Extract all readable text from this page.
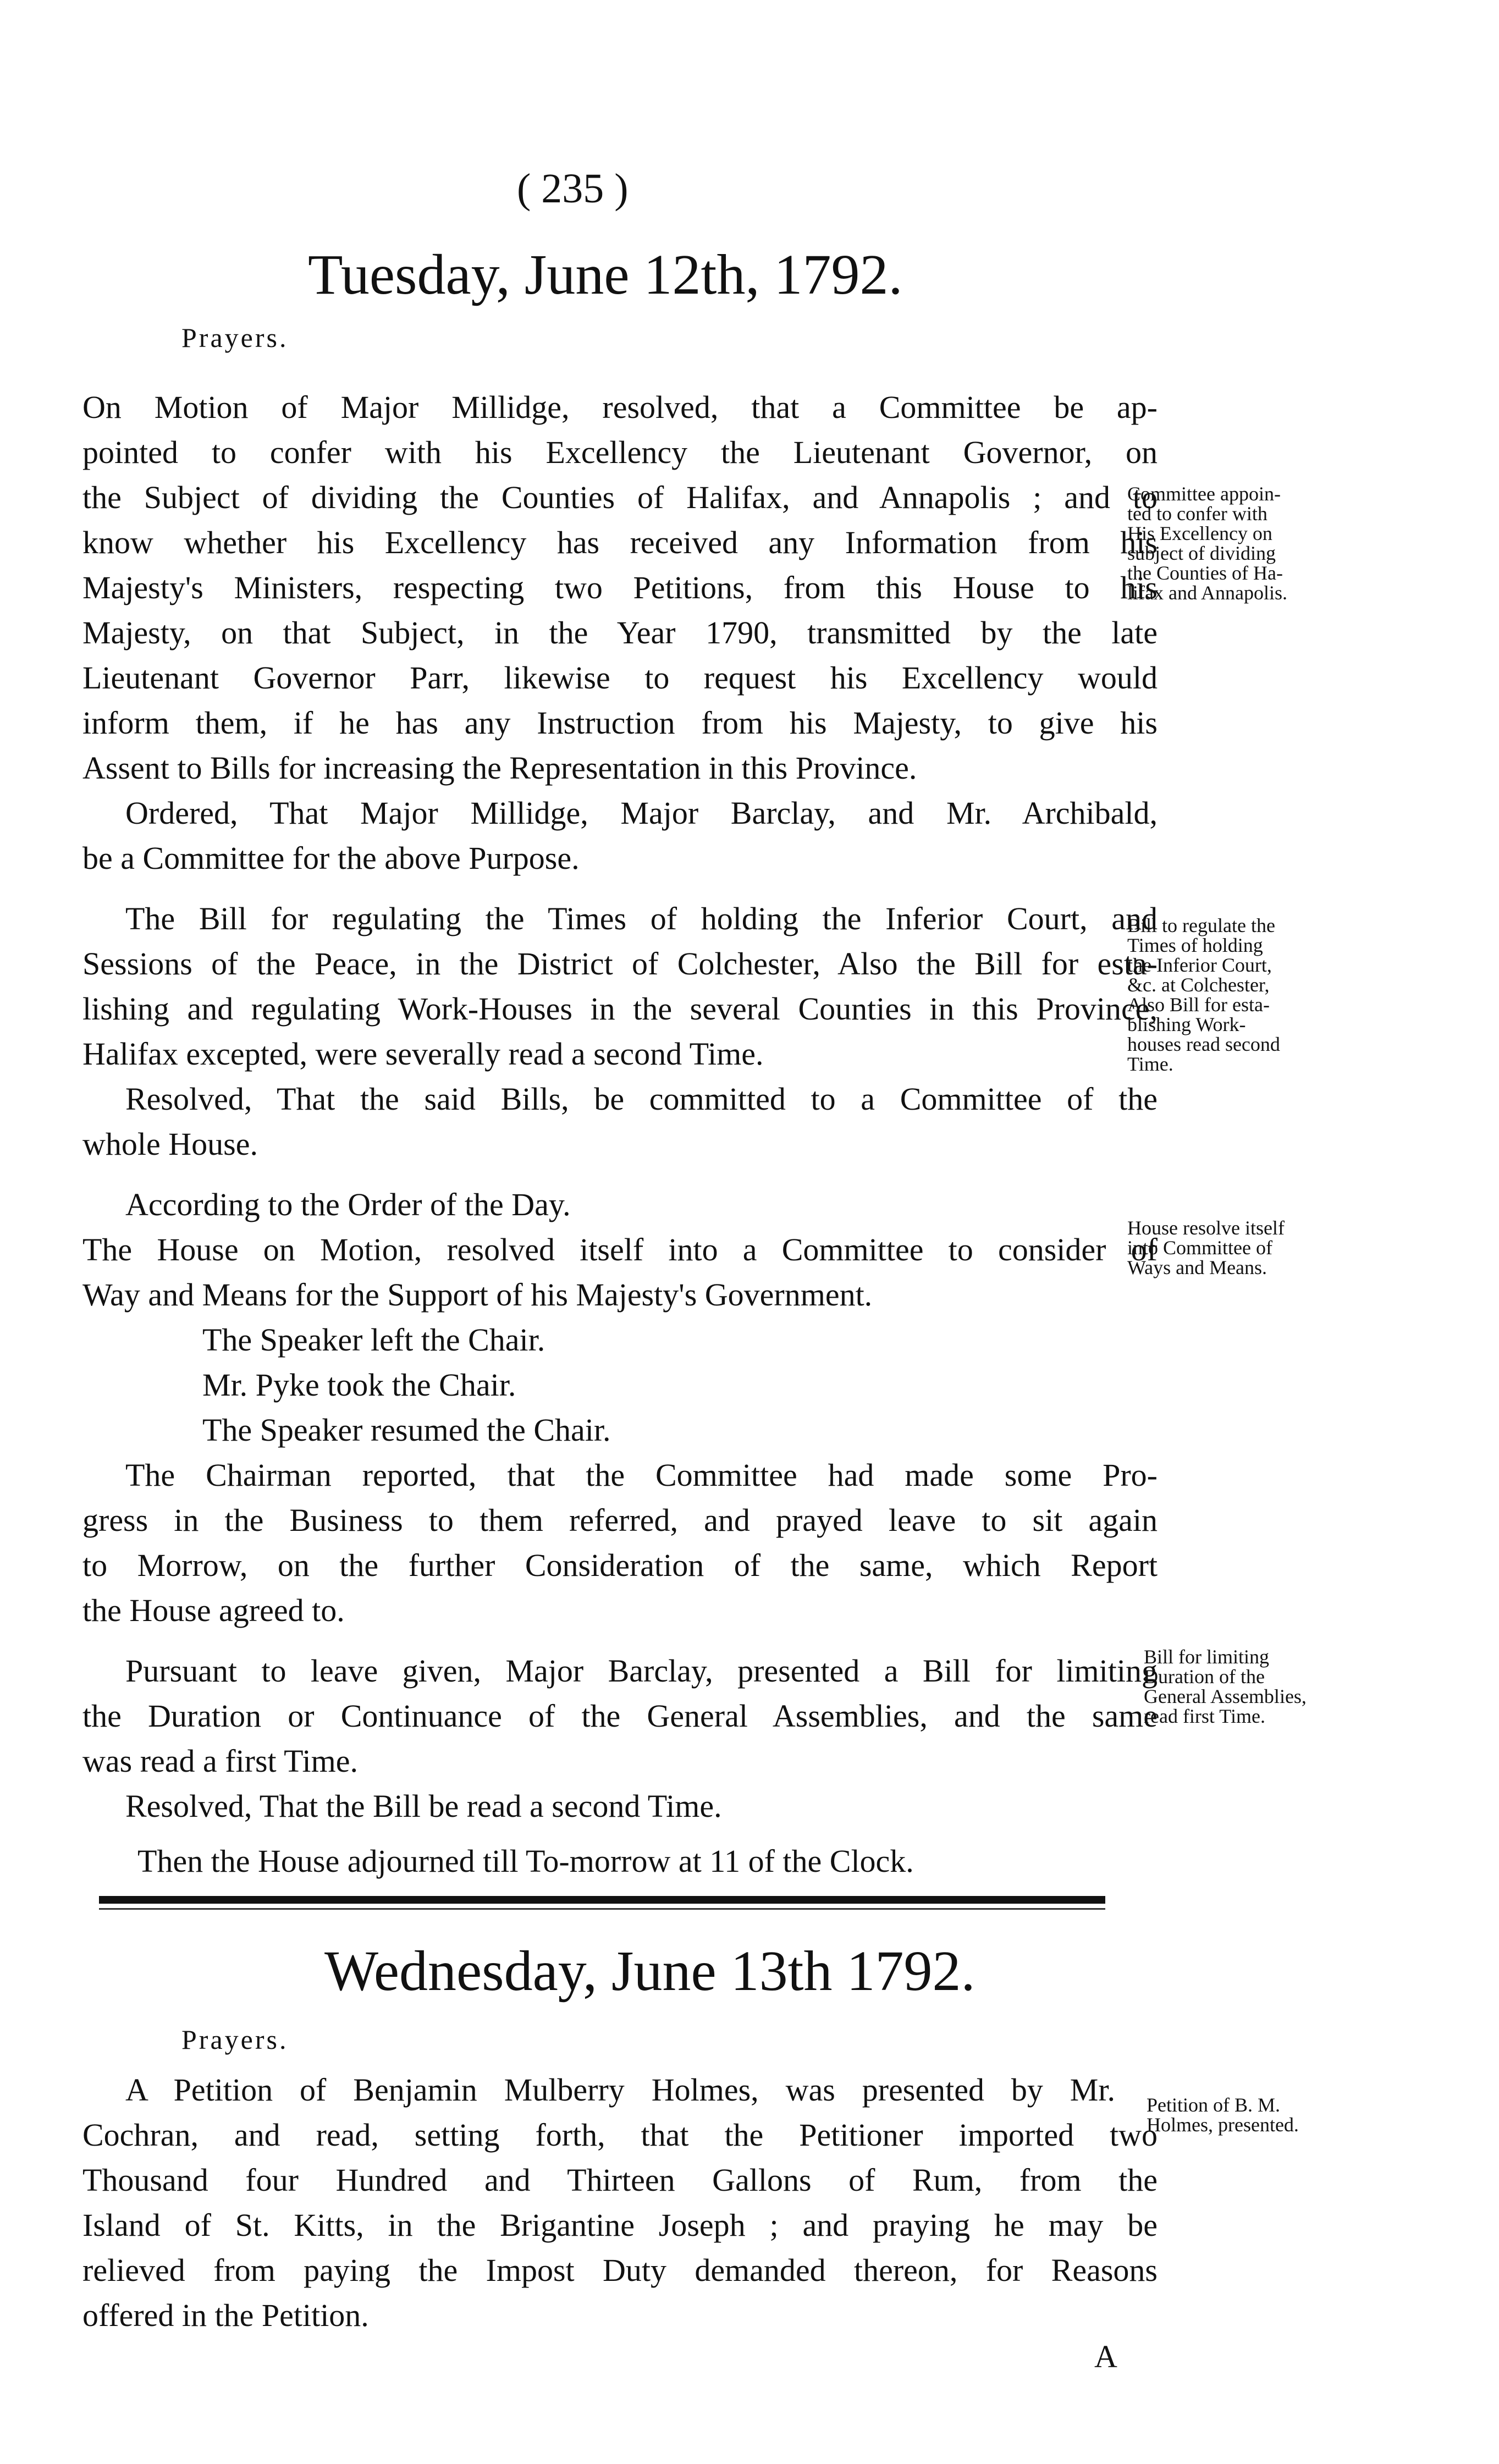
( 235 )
Tuesday, June 12th, 1792.
Prayers.
On Motion of Major Millidge, resolved, that a Committee be ap-
pointed to confer with his Excellency the Lieutenant Governor, on
the Subject of dividing the Counties of Halifax, and Annapolis ; and to
know whether his Excellency has received any Information from his
Majesty's Ministers, respecting two Petitions, from this House to his
Majesty, on that Subject, in the Year 1790, transmitted by the late
Lieutenant Governor Parr, likewise to request his Excellency would
inform them, if he has any Instruction from his Majesty, to give his
Assent to Bills for increasing the Representation in this Province.
Ordered, That Major Millidge, Major Barclay, and Mr. Archibald,
be a Committee for the above Purpose.
The Bill for regulating the Times of holding the Inferior Court, and
Sessions of the Peace, in the District of Colchester, Also the Bill for esta-
lishing and regulating Work-Houses in the several Counties in this Province,
Halifax excepted, were severally read a second Time.
Resolved, That the said Bills, be committed to a Committee of the
whole House.
According to the Order of the Day.
The House on Motion, resolved itself into a Committee to consider of
Way and Means for the Support of his Majesty's Government.
The Speaker left the Chair.
Mr. Pyke took the Chair.
The Speaker resumed the Chair.
The Chairman reported, that the Committee had made some Pro-
gress in the Business to them referred, and prayed leave to sit again
to Morrow, on the further Consideration of the same, which Report
the House agreed to.
Pursuant to leave given, Major Barclay, presented a Bill for limiting
the Duration or Continuance of the General Assemblies, and the same
was read a first Time.
Resolved, That the Bill be read a second Time.
Then the House adjourned till To-morrow at 11 of the Clock.
Committee appoin-
ted to confer with
His Excellency on
subject of dividing
the Counties of Ha-
lifax and Annapolis.
Bill to regulate the
Times of holding
the Inferior Court,
&c. at Colchester,
Also Bill for esta-
blishing Work-
houses read second
Time.
House resolve itself
into Committee of
Ways and Means.
Bill for limiting
Duration of the
General Assemblies,
read first Time.
Wednesday, June 13th 1792.
Prayers.
A Petition of Benjamin Mulberry Holmes, was presented by Mr.
Cochran, and read, setting forth, that the Petitioner imported two
Thousand four Hundred and Thirteen Gallons of Rum, from the
Island of St. Kitts, in the Brigantine Joseph ; and praying he may be
relieved from paying the Impost Duty demanded thereon, for Reasons
offered in the Petition.
Petition of B. M.
Holmes, presented.
A
